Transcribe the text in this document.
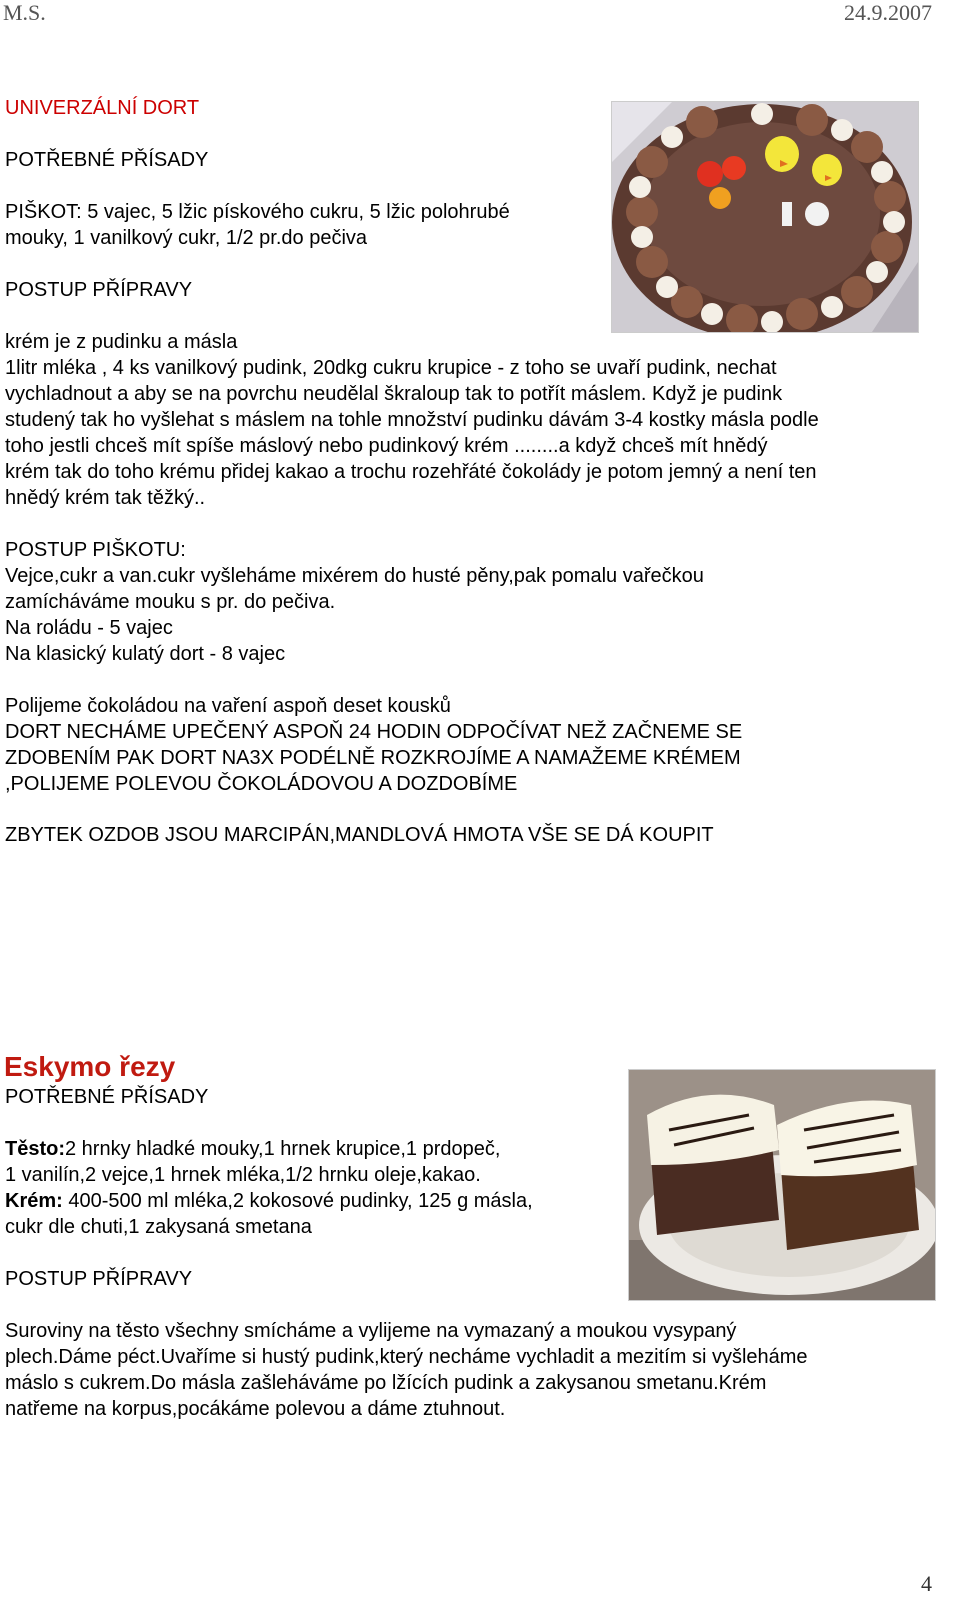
M.S.	24.9.2007
UNIVERZÁLNÍ DORT
POTŘEBNÉ PŘÍSADY
PIŠKOT: 5 vajec, 5 lžic pískového cukru, 5 lžic polohrubé
mouky, 1 vanilkový cukr, 1/2 pr.do pečiva
POSTUP PŘÍPRAVY
krém je z pudinku a másla
1litr mléka , 4 ks vanilkový pudink, 20dkg cukru krupice - z toho se uvaří pudink, nechat
vychladnout a aby se na povrchu neudělal škraloup tak to potřít máslem. Když je pudink
studený tak ho vyšlehat s máslem na tohle množství pudinku dávám 3-4 kostky másla podle
toho jestli chceš mít spíše máslový nebo pudinkový krém ........a když chceš mít hnědý
krém tak do toho krému přidej kakao a trochu rozehřáté čokolády je potom jemný a není ten
hnědý krém tak těžký..
POSTUP PIŠKOTU:
Vejce,cukr a van.cukr vyšleháme mixérem do husté pěny,pak pomalu vařečkou
zamícháváme mouku s pr. do pečiva.
Na roládu - 5 vajec
Na klasický kulatý dort - 8 vajec
Polijeme čokoládou na vaření aspoň deset kousků
DORT NECHÁME UPEČENÝ ASPOŇ 24 HODIN ODPOČÍVAT NEŽ ZAČNEME SE
ZDOBENÍM PAK DORT NA3X PODÉLNĚ ROZKROJÍME A NAMAŽEME KRÉMEM
,POLIJEME POLEVOU ČOKOLÁDOVOU A DOZDOBÍME
ZBYTEK OZDOB JSOU MARCIPÁN,MANDLOVÁ HMOTA VŠE SE DÁ KOUPIT
Eskymo řezy
POTŘEBNÉ PŘÍSADY
Těsto:2 hrnky hladké mouky,1 hrnek krupice,1 prdopeč,
1 vanilín,2 vejce,1 hrnek mléka,1/2 hrnku oleje,kakao.
Krém: 400-500 ml mléka,2 kokosové pudinky, 125 g másla,
cukr dle chuti,1 zakysaná smetana
POSTUP PŘÍPRAVY
Suroviny na těsto všechny smícháme a vylijeme na vymazaný a moukou vysypaný
plech.Dáme péct.Uvaříme si hustý pudink,který necháme vychladit a mezitím si vyšleháme
máslo s cukrem.Do másla zašleháváme po lžících pudink a zakysanou smetanu.Krém
natřeme na korpus,pocákáme polevou a dáme ztuhnout.
4
